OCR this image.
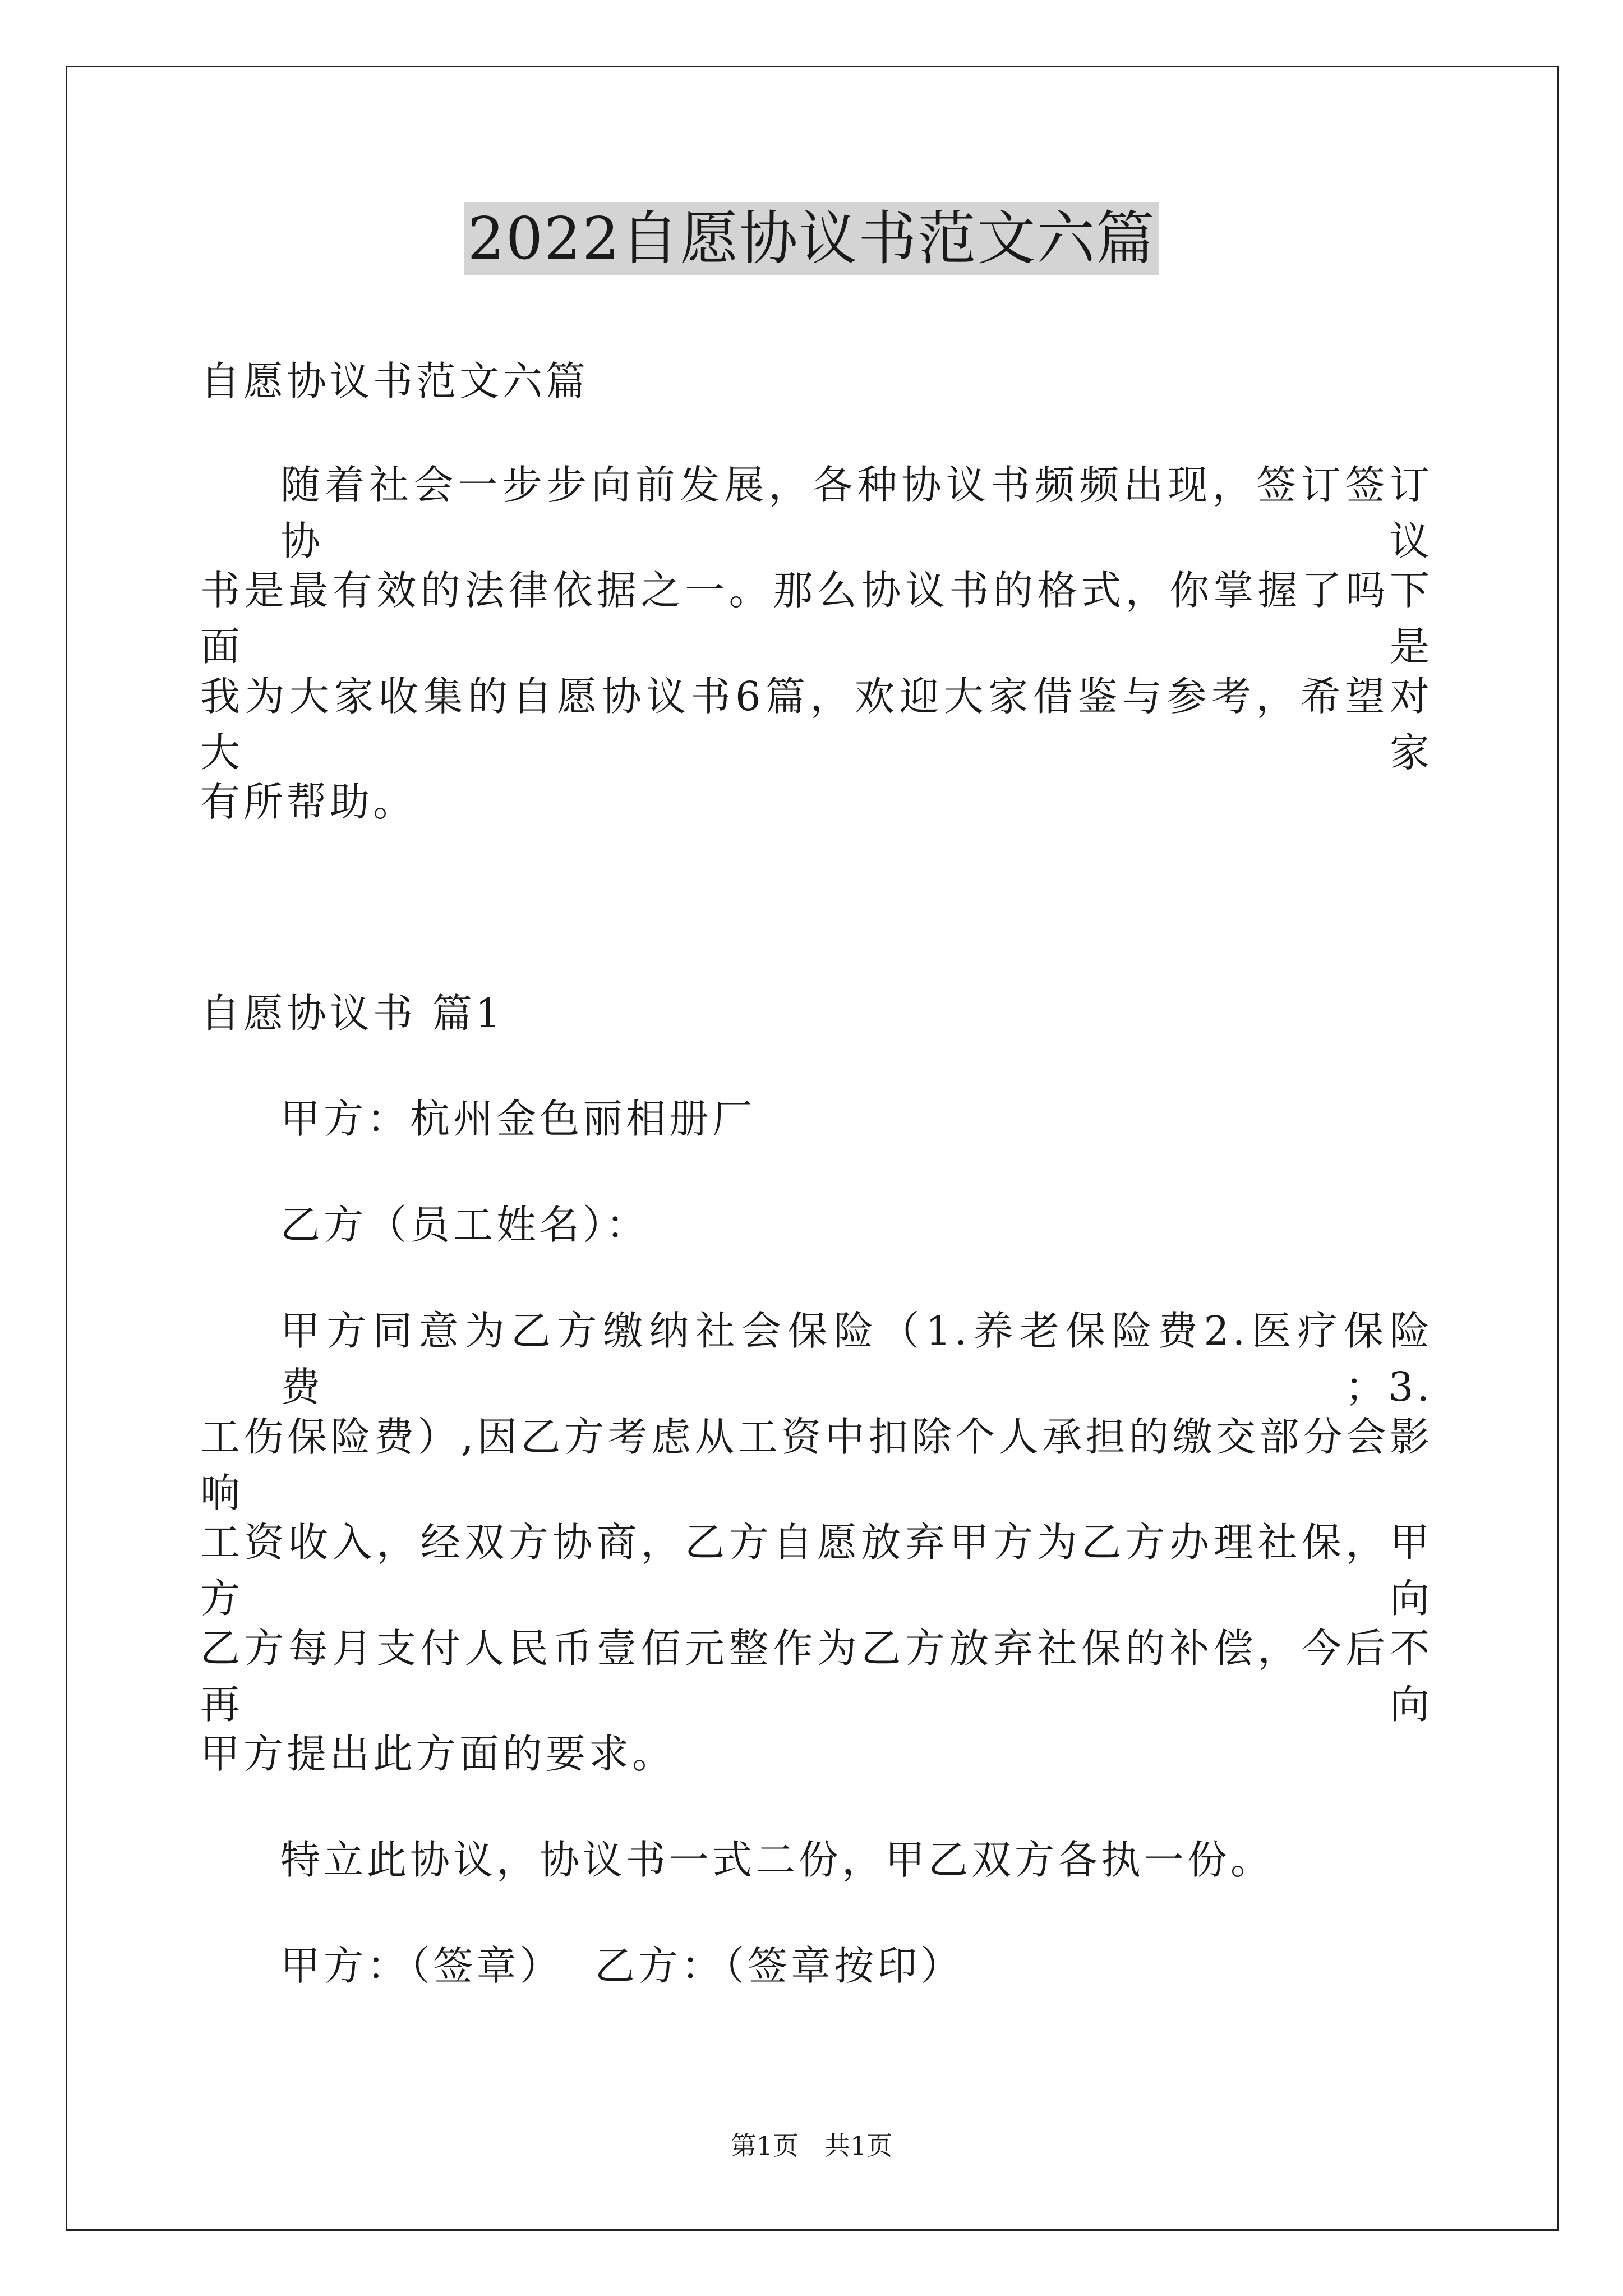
2022自愿协议书范文六篇
自愿协议书范文六篇
随着社会一步步向前发展，各种协议书频频出现，签订签订协议
书是最有效的法律依据之一。那么协议书的格式，你掌握了吗下面是
我为大家收集的自愿协议书6篇，欢迎大家借鉴与参考，希望对大家
有所帮助。
自愿协议书 篇1
甲方：杭州金色丽相册厂
乙方（员工姓名）：
甲方同意为乙方缴纳社会保险（1.养老保险费2.医疗保险费；3.
工伤保险费）,因乙方考虑从工资中扣除个人承担的缴交部分会影响
工资收入，经双方协商，乙方自愿放弃甲方为乙方办理社保，甲方向
乙方每月支付人民币壹佰元整作为乙方放弃社保的补偿，今后不再向
甲方提出此方面的要求。
特立此协议，协议书一式二份，甲乙双方各执一份。
甲方：（签章）  乙方：（签章按印）
第1页 共1页
